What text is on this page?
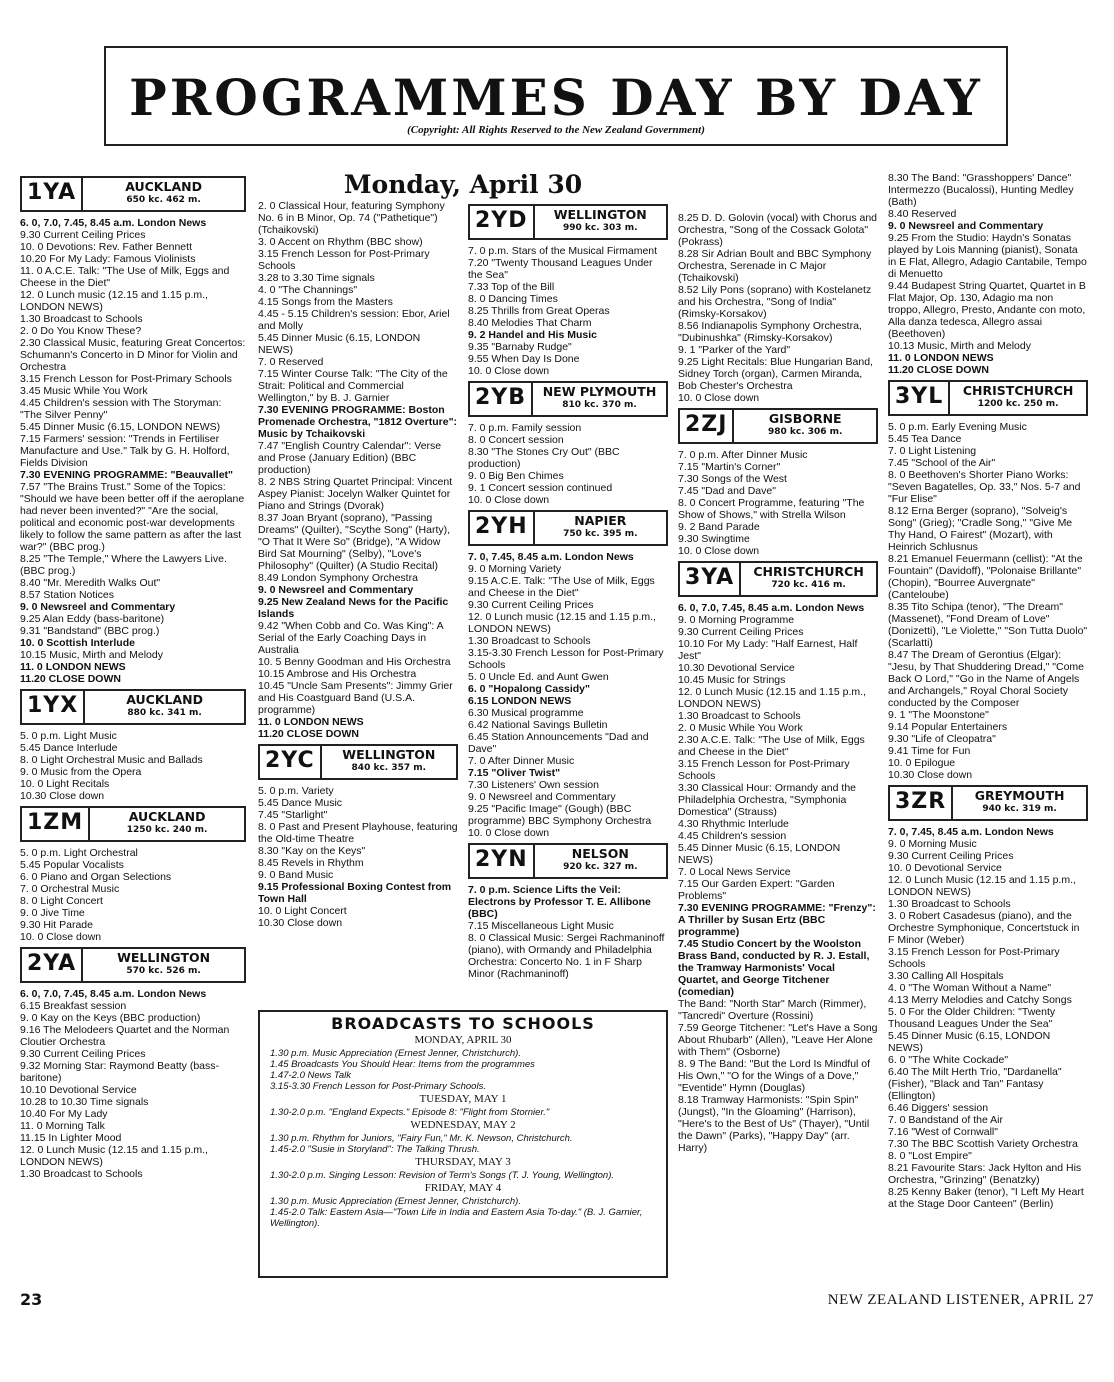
PROGRAMMES DAY BY DAY
(Copyright: All Rights Reserved to the New Zealand Government)
Monday, April 30
1YA	AUCKLAND
650 kc. 462 m.

6. 0, 7.0, 7.45, 8.45 a.m. London News

9.30 Current Ceiling Prices

10. 0 Devotions: Rev. Father Bennett

10.20 For My Lady: Famous Violinists

11. 0 A.C.E. Talk: "The Use of Milk, Eggs and Cheese in the Diet"

12. 0 Lunch music (12.15 and 1.15 p.m., LONDON NEWS)

1.30 Broadcast to Schools

2. 0 Do You Know These?

2.30 Classical Music, featuring Great Concertos: Schumann's Concerto in D Minor for Violin and Orchestra

3.15 French Lesson for Post-Primary Schools

3.45 Music While You Work

4.45 Children's session with The Storyman: "The Silver Penny"

5.45 Dinner Music (6.15, LONDON NEWS)

7.15 Farmers' session: "Trends in Fertiliser Manufacture and Use." Talk by G. H. Holford, Fields Division

7.30 EVENING PROGRAMME: "Beauvallet"

7.57 "The Brains Trust." Some of the Topics: "Should we have been better off if the aeroplane had never been invented?" "Are the social, political and economic post-war developments likely to follow the same pattern as after the last war?" (BBC prog.)

8.25 "The Temple," Where the Lawyers Live. (BBC prog.)

8.40 "Mr. Meredith Walks Out"

8.57 Station Notices

9. 0 Newsreel and Commentary

9.25 Alan Eddy (bass-baritone)

9.31 "Bandstand" (BBC prog.)

10. 0 Scottish Interlude

10.15 Music, Mirth and Melody

11. 0 LONDON NEWS

11.20 CLOSE DOWN

1YX	AUCKLAND
880 kc. 341 m.

5. 0 p.m. Light Music

5.45 Dance Interlude

8. 0 Light Orchestral Music and Ballads

9. 0 Music from the Opera

10. 0 Light Recitals

10.30 Close down

1ZM	AUCKLAND
1250 kc. 240 m.

5. 0 p.m. Light Orchestral

5.45 Popular Vocalists

6. 0 Piano and Organ Selections

7. 0 Orchestral Music

8. 0 Light Concert

9. 0 Jive Time

9.30 Hit Parade

10. 0 Close down

2YA	WELLINGTON
570 kc. 526 m.

6. 0, 7.0, 7.45, 8.45 a.m. London News

6.15 Breakfast session

9. 0 Kay on the Keys (BBC production)

9.16 The Melodeers Quartet and the Norman Cloutier Orchestra

9.30 Current Ceiling Prices

9.32 Morning Star: Raymond Beatty (bass-baritone)

10.10 Devotional Service

10.28 to 10.30 Time signals

10.40 For My Lady

11. 0 Morning Talk

11.15 In Lighter Mood

12. 0 Lunch Music (12.15 and 1.15 p.m., LONDON NEWS)

1.30 Broadcast to Schools

2. 0 Classical Hour, featuring Symphony No. 6 in B Minor, Op. 74 ("Pathetique") (Tchaikovski)

3. 0 Accent on Rhythm (BBC show)

3.15 French Lesson for Post-Primary Schools

3.28 to 3.30 Time signals

4. 0 "The Channings"

4.15 Songs from the Masters

4.45 - 5.15 Children's session: Ebor, Ariel and Molly

5.45 Dinner Music (6.15, LONDON NEWS)

7. 0 Reserved

7.15 Winter Course Talk: "The City of the Strait: Political and Commercial Wellington," by B. J. Garnier

7.30 EVENING PROGRAMME: Boston Promenade Orchestra, "1812 Overture": Music by Tchaikovski

7.47 "English Country Calendar": Verse and Prose (January Edition) (BBC production)

8. 2 NBS String Quartet Principal: Vincent Aspey Pianist: Jocelyn Walker Quintet for Piano and Strings (Dvorak)

8.37 Joan Bryant (soprano), "Passing Dreams" (Quilter), "Scythe Song" (Harty), "O That It Were So" (Bridge), "A Widow Bird Sat Mourning" (Selby), "Love's Philosophy" (Quilter) (A Studio Recital)

8.49 London Symphony Orchestra

9. 0 Newsreel and Commentary

9.25 New Zealand News for the Pacific Islands

9.42 "When Cobb and Co. Was King": A Serial of the Early Coaching Days in Australia

10. 5 Benny Goodman and His Orchestra

10.15 Ambrose and His Orchestra

10.45 "Uncle Sam Presents": Jimmy Grier and His Coastguard Band (U.S.A. programme)

11. 0 LONDON NEWS

11.20 CLOSE DOWN

2YC	WELLINGTON
840 kc. 357 m.

5. 0 p.m. Variety

5.45 Dance Music

7.45 "Starlight"

8. 0 Past and Present Playhouse, featuring the Old-time Theatre

8.30 "Kay on the Keys"

8.45 Revels in Rhythm

9. 0 Band Music

9.15 Professional Boxing Contest from Town Hall

10. 0 Light Concert

10.30 Close down

2YD	WELLINGTON
990 kc. 303 m.

7. 0 p.m. Stars of the Musical Firmament

7.20 "Twenty Thousand Leagues Under the Sea"

7.33 Top of the Bill

8. 0 Dancing Times

8.25 Thrills from Great Operas

8.40 Melodies That Charm

9. 2 Handel and His Music

9.35 "Barnaby Rudge"

9.55 When Day Is Done

10. 0 Close down

2YB	NEW PLYMOUTH
810 kc. 370 m.

7. 0 p.m. Family session

8. 0 Concert session

8.30 "The Stones Cry Out" (BBC production)

9. 0 Big Ben Chimes

9. 1 Concert session continued

10. 0 Close down

2YH	NAPIER
750 kc. 395 m.

7. 0, 7.45, 8.45 a.m. London News

9. 0 Morning Variety

9.15 A.C.E. Talk: "The Use of Milk, Eggs and Cheese in the Diet"

9.30 Current Ceiling Prices

12. 0 Lunch music (12.15 and 1.15 p.m., LONDON NEWS)

1.30 Broadcast to Schools

3.15-3.30 French Lesson for Post-Primary Schools

5. 0 Uncle Ed. and Aunt Gwen

6. 0 "Hopalong Cassidy"

6.15 LONDON NEWS

6.30 Musical programme

6.42 National Savings Bulletin

6.45 Station Announcements "Dad and Dave"

7. 0 After Dinner Music

7.15 "Oliver Twist"

7.30 Listeners' Own session

9. 0 Newsreel and Commentary

9.25 "Pacific Image" (Gough) (BBC programme) BBC Symphony Orchestra

10. 0 Close down

2YN	NELSON
920 kc. 327 m.

7. 0 p.m. Science Lifts the Veil: Electrons by Professor T. E. Allibone (BBC)

7.15 Miscellaneous Light Music

8. 0 Classical Music: Sergei Rachmaninoff (piano), with Ormandy and Philadelphia Orchestra: Concerto No. 1 in F Sharp Minor (Rachmaninoff)

8.25 D. D. Golovin (vocal) with Chorus and Orchestra, "Song of the Cossack Golota" (Pokrass)

8.28 Sir Adrian Boult and BBC Symphony Orchestra, Serenade in C Major (Tchaikovski)

8.52 Lily Pons (soprano) with Kostelanetz and his Orchestra, "Song of India" (Rimsky-Korsakov)

8.56 Indianapolis Symphony Orchestra, "Dubinushka" (Rimsky-Korsakov)

9. 1 "Parker of the Yard"

9.25 Light Recitals: Blue Hungarian Band, Sidney Torch (organ), Carmen Miranda, Bob Chester's Orchestra

10. 0 Close down

2ZJ	GISBORNE
980 kc. 306 m.

7. 0 p.m. After Dinner Music

7.15 "Martin's Corner"

7.30 Songs of the West

7.45 "Dad and Dave"

8. 0 Concert Programme, featuring "The Show of Shows," with Strella Wilson

9. 2 Band Parade

9.30 Swingtime

10. 0 Close down

3YA	CHRISTCHURCH
720 kc. 416 m.

6. 0, 7.0, 7.45, 8.45 a.m. London News

9. 0 Morning Programme

9.30 Current Ceiling Prices

10.10 For My Lady: "Half Earnest, Half Jest"

10.30 Devotional Service

10.45 Music for Strings

12. 0 Lunch Music (12.15 and 1.15 p.m., LONDON NEWS)

1.30 Broadcast to Schools

2. 0 Music While You Work

2.30 A.C.E. Talk: "The Use of Milk, Eggs and Cheese in the Diet"

3.15 French Lesson for Post-Primary Schools

3.30 Classical Hour: Ormandy and the Philadelphia Orchestra, "Symphonia Domestica" (Strauss)

4.30 Rhythmic Interlude

4.45 Children's session

5.45 Dinner Music (6.15, LONDON NEWS)

7. 0 Local News Service

7.15 Our Garden Expert: "Garden Problems"

7.30 EVENING PROGRAMME: "Frenzy": A Thriller by Susan Ertz (BBC programme)

7.45 Studio Concert by the Woolston Brass Band, conducted by R. J. Estall, the Tramway Harmonists' Vocal Quartet, and George Titchener (comedian)

The Band: "North Star" March (Rimmer), "Tancredi" Overture (Rossini)

7.59 George Titchener: "Let's Have a Song About Rhubarb" (Allen), "Leave Her Alone with Them" (Osborne)

8. 9 The Band: "But the Lord Is Mindful of His Own," "O for the Wings of a Dove," "Eventide" Hymn (Douglas)

8.18 Tramway Harmonists: "Spin Spin" (Jungst), "In the Gloaming" (Harrison), "Here's to the Best of Us" (Thayer), "Until the Dawn" (Parks), "Happy Day" (arr. Harry)

8.30 The Band: "Grasshoppers' Dance" Intermezzo (Bucalossi), Hunting Medley (Bath)

8.40 Reserved

9. 0 Newsreel and Commentary

9.25 From the Studio: Haydn's Sonatas played by Lois Manning (pianist), Sonata in E Flat, Allegro, Adagio Cantabile, Tempo di Menuetto

9.44 Budapest String Quartet, Quartet in B Flat Major, Op. 130, Adagio ma non troppo, Allegro, Presto, Andante con moto, Alla danza tedesca, Allegro assai (Beethoven)

10.13 Music, Mirth and Melody

11. 0 LONDON NEWS

11.20 CLOSE DOWN

3YL	CHRISTCHURCH
1200 kc. 250 m.

5. 0 p.m. Early Evening Music

5.45 Tea Dance

7. 0 Light Listening

7.45 "School of the Air"

8. 0 Beethoven's Shorter Piano Works: "Seven Bagatelles, Op. 33," Nos. 5-7 and "Fur Elise"

8.12 Erna Berger (soprano), "Solveig's Song" (Grieg); "Cradle Song," "Give Me Thy Hand, O Fairest" (Mozart), with Heinrich Schlusnus

8.21 Emanuel Feuermann (cellist): "At the Fountain" (Davidoff), "Polonaise Brillante" (Chopin), "Bourree Auvergnate" (Canteloube)

8.35 Tito Schipa (tenor), "The Dream" (Massenet), "Fond Dream of Love" (Donizetti), "Le Violette," "Son Tutta Duolo" (Scarlatti)

8.47 The Dream of Gerontius (Elgar): "Jesu, by That Shuddering Dread," "Come Back O Lord," "Go in the Name of Angels and Archangels," Royal Choral Society conducted by the Composer

9. 1 "The Moonstone"

9.14 Popular Entertainers

9.30 "Life of Cleopatra"

9.41 Time for Fun

10. 0 Epilogue

10.30 Close down

3ZR	GREYMOUTH
940 kc. 319 m.

7. 0, 7.45, 8.45 a.m. London News

9. 0 Morning Music

9.30 Current Ceiling Prices

10. 0 Devotional Service

12. 0 Lunch Music (12.15 and 1.15 p.m., LONDON NEWS)

1.30 Broadcast to Schools

3. 0 Robert Casadesus (piano), and the Orchestre Symphonique, Concertstuck in F Minor (Weber)

3.15 French Lesson for Post-Primary Schools

3.30 Calling All Hospitals

4. 0 "The Woman Without a Name"

4.13 Merry Melodies and Catchy Songs

5. 0 For the Older Children: "Twenty Thousand Leagues Under the Sea"

5.45 Dinner Music (6.15, LONDON NEWS)

6. 0 "The White Cockade"

6.40 The Milt Herth Trio, "Dardanella" (Fisher), "Black and Tan" Fantasy (Ellington)

6.46 Diggers' session

7. 0 Bandstand of the Air

7.16 "West of Cornwall"

7.30 The BBC Scottish Variety Orchestra

8. 0 "Lost Empire"

8.21 Favourite Stars: Jack Hylton and His Orchestra, "Grinzing" (Benatzky)

8.25 Kenny Baker (tenor), "I Left My Heart at the Stage Door Canteen" (Berlin)

BROADCASTS TO SCHOOLS
MONDAY, APRIL 30

1.30 p.m. Music Appreciation (Ernest Jenner, Christchurch).

1.45 Broadcasts You Should Hear: Items from the programmes

1.47-2.0 News Talk

3.15-3.30 French Lesson for Post-Primary Schools.

TUESDAY, MAY 1

1.30-2.0 p.m. "England Expects." Episode 8: "Flight from Stornier."

WEDNESDAY, MAY 2

1.30 p.m. Rhythm for Juniors, "Fairy Fun," Mr. K. Newson, Christchurch.

1.45-2.0 "Susie in Storyland": The Talking Thrush.

THURSDAY, MAY 3

1.30-2.0 p.m. Singing Lesson: Revision of Term's Songs (T. J. Young, Wellington).

FRIDAY, MAY 4

1.30 p.m. Music Appreciation (Ernest Jenner, Christchurch).

1.45-2.0 Talk: Eastern Asia—"Town Life in India and Eastern Asia To-day." (B. J. Garnier, Wellington).

23	NEW ZEALAND LISTENER, APRIL 27
